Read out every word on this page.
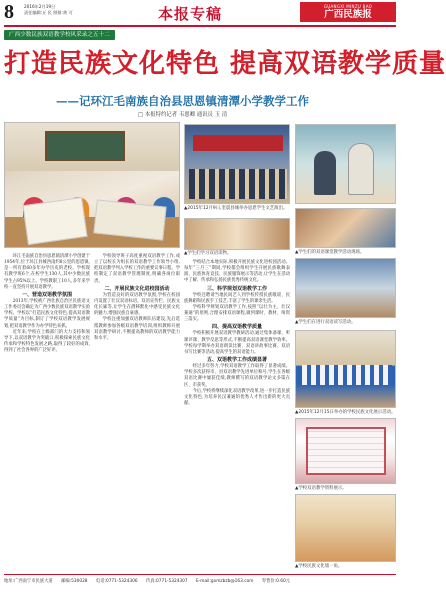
8 2016年2月19日
责任编辑:丘 民 照排:黄 可	本报专稿	GUANGXI MINZU BAO
广西民族报
广西少数民族双语教学校风采录之五十二
打造民族文化特色 提高双语教学质量
——记环江毛南族自治县思恩镇清潭小学教学工作
□ 本报特约记者 韦恩卿 通讯员 玉 清
▲2015年12月9日,奎震县城举办思恩学生文艺演出。
▲学生们的双语课堂教学活动现场。
▲学生们学习双语读物。
▲学生们在进行双语读写活动。
▲2015年12月15日举办的学校民族文化展示活动。
▲学校双语教学资料展示。
▲学校民族文化墙一角。

环江毛南族自治县思恩镇清潭小学创建于1954年,位于环江县城西南约8公里的思恩镇,是一所有着60多年办学历史的老校。学校现有教学班6个,在校学生130人,其中少数民族学生占95%以上。学校教职工10人,多年来学校一直坚持开展双语教学。

一、营造双语教学氛围

2013年,学校被广西壮族自治区民族语文工作委员会确定为广西少数民族双语教学实验学校。学校以“打造民族文化特色,提高双语教学质量”为目标,制订了学校双语教学发展规划,把双语教学作为办学特色来抓。

近年来,学校在上级部门的大力支持和领导下,以双语教学为突破口,积极探索民族文化传承和学校特色发展之路,取得了较好的成效,得到了社会各界的广泛好评。

学校领导班子高度重视双语教学工作,成立了以校长为组长的双语教学工作领导小组,把双语教学列入学校工作的重要议事日程。学校制定了双语教学管理制度,明确各岗位职责。

二、开展民族文化进校园活动

为营造良好的双语教学氛围,学校在校园内设置了壮汉双语标语、双语宣传栏、民族文化长廊等,让学生在潜移默化中感受民族文化的魅力,增强民族自豪感。

学校注重加强双语教师队伍建设,先后选派教师参加各级双语教学培训,组织教师开展双语教学研讨,不断提高教师的双语教学能力和水平。

学校结合本地实际,积极开展民族文化进校园活动。每年“三月三”期间,学校都会组织学生开展民族歌舞表演、民族体育竞技、民族服饰展示等活动,让学生在活动中了解、传承和弘扬民族优秀传统文化。

三、科学规划双语教学工作

学校还聘请当地民间艺人到学校传授民族歌谣、民族舞蹈和民族手工技艺,丰富了学生的课余生活。

学校科学规划双语教学工作,按照“以壮为主、壮汉兼通”的原则,合理安排双语课程,做到课时、教材、师资三落实。

四、提高双语教学质量

学校积极开展双语教学教研活动,通过集体备课、听课评课、教学反思等形式,不断提高双语课堂教学效率。学校每学期举办双语朗读比赛、双语讲故事比赛、双语书写比赛等活动,提高学生的双语能力。

五、双语教学工作成绩显著

经过多年努力,学校双语教学工作取得了显著成绩。学校多次获得市、县双语教学先进单位称号,学生在各级双语比赛中屡获佳绩,教师撰写的双语教学论文多篇在区、市获奖。

今后,学校将继续深化双语教学改革,进一步打造民族文化特色,为培养民汉兼通的优秀人才作出新的更大贡献。

地址:广西南宁市民族大道 邮编:530028 电话:0771-5324306 传真:0771-5324307 E-mail:gxmzbzb@163.com 零售价:0.60元
